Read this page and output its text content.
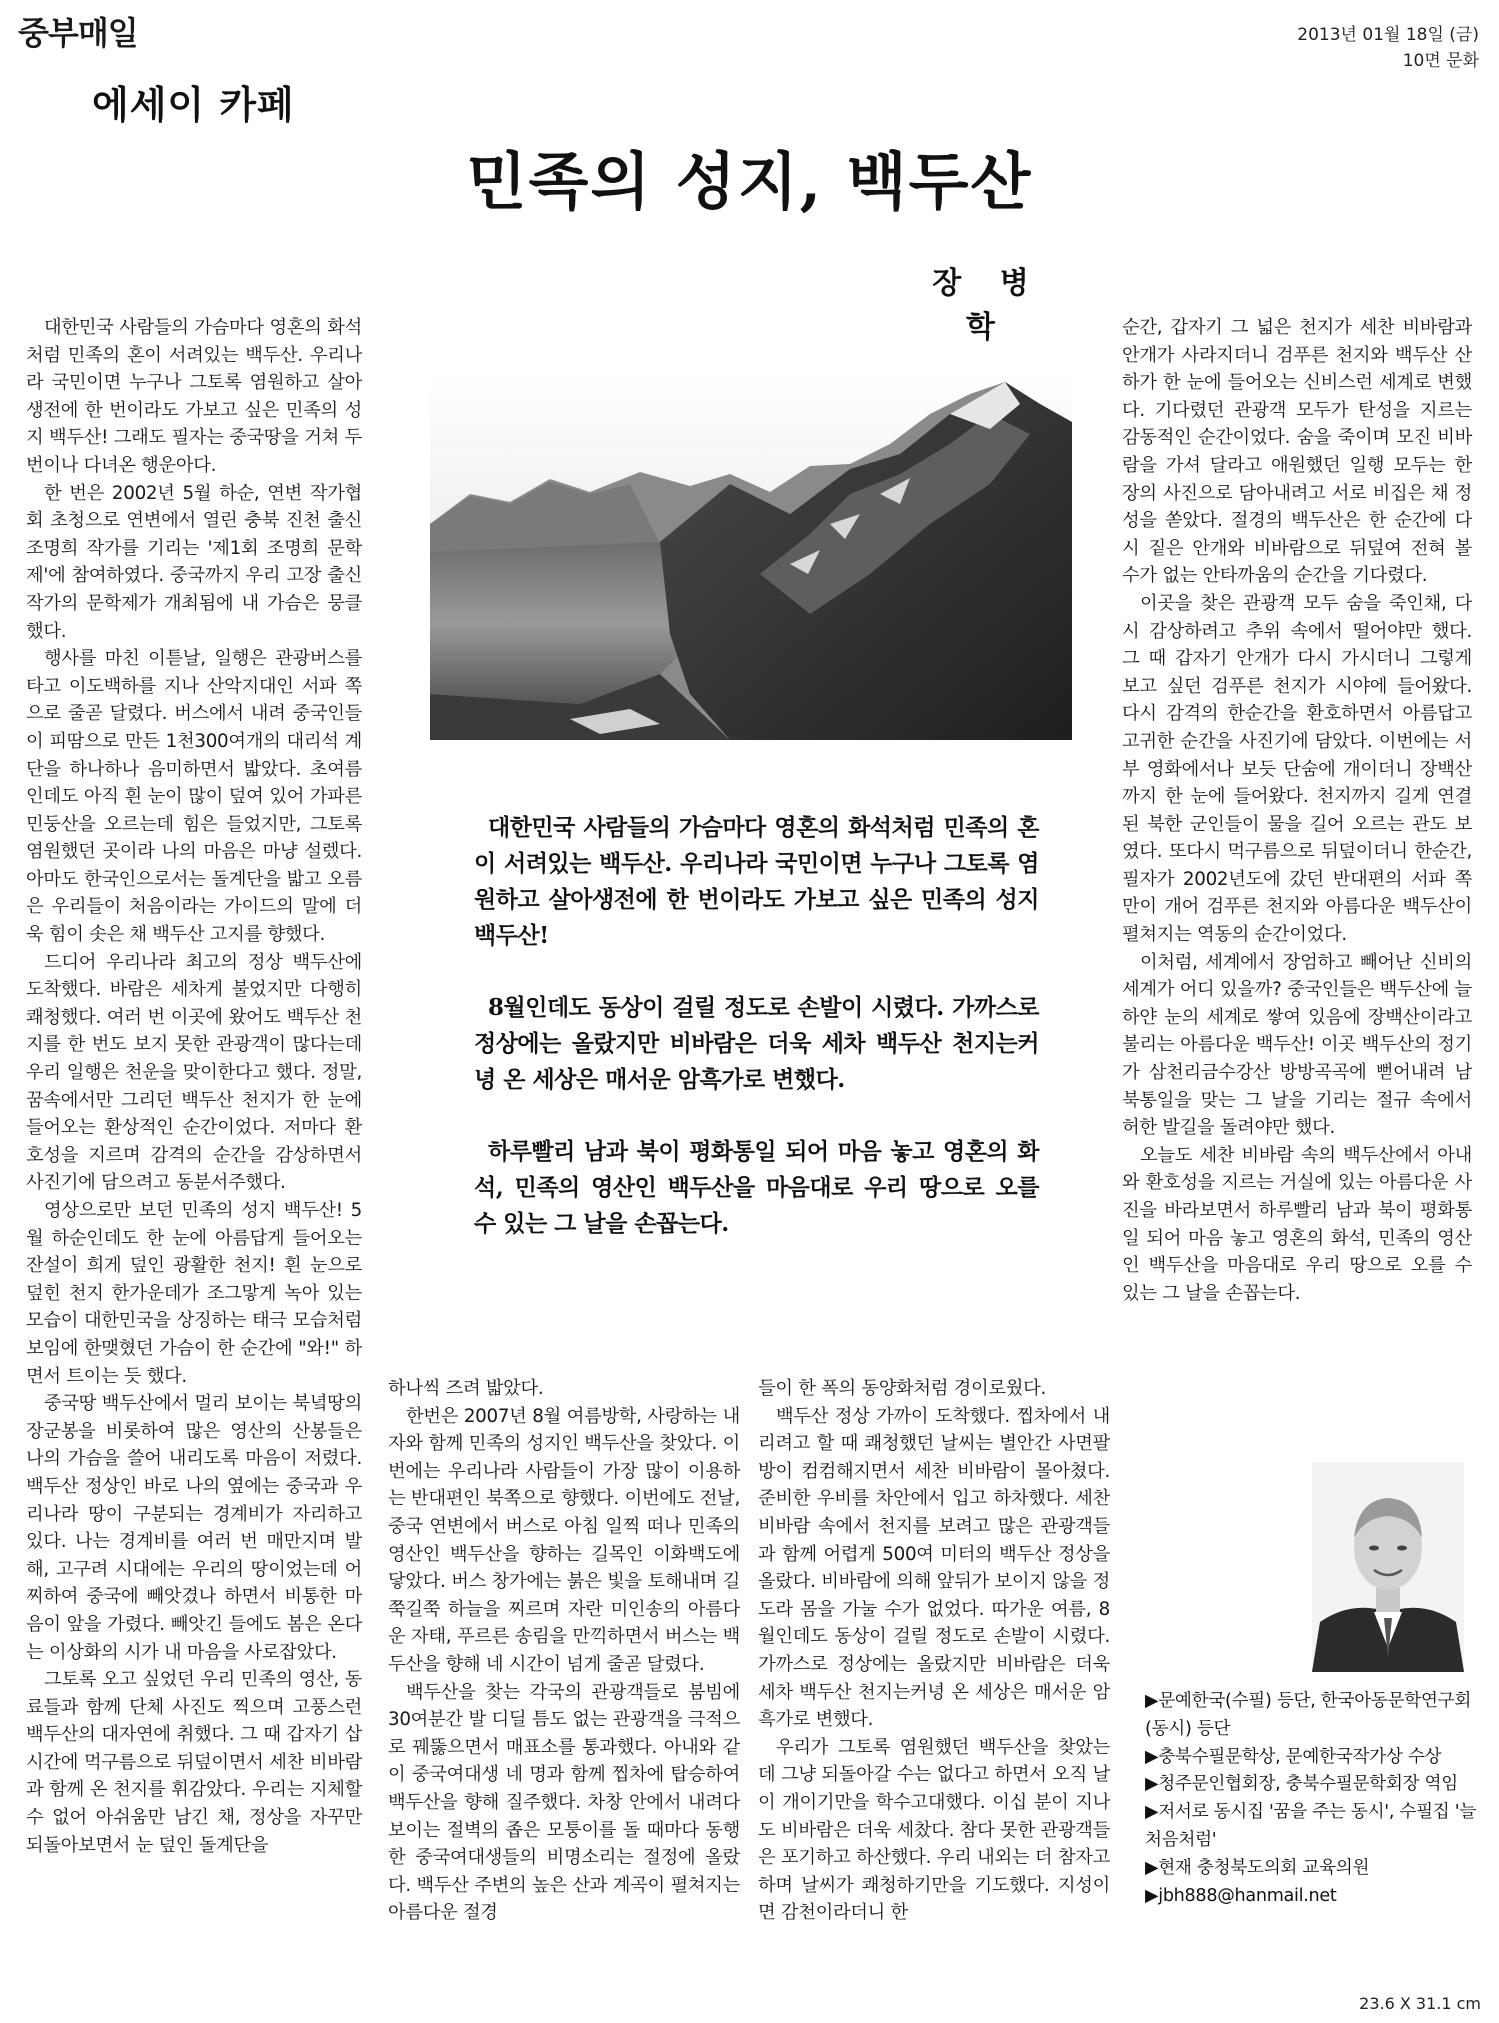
중부매일
에세이 카페
2013년 01월 18일 (금)
10면 문화
민족의 성지, 백두산
장 병 학

대한민국 사람들의 가슴마다 영혼의 화석처럼 민족의 혼이 서려있는 백두산. 우리나라 국민이면 누구나 그토록 염원하고 살아생전에 한 번이라도 가보고 싶은 민족의 성지 백두산! 그래도 필자는 중국땅을 거쳐 두 번이나 다녀온 행운아다.

한 번은 2002년 5월 하순, 연변 작가협회 초청으로 연변에서 열린 충북 진천 출신 조명희 작가를 기리는 '제1회 조명희 문학제'에 참여하였다. 중국까지 우리 고장 출신 작가의 문학제가 개최됨에 내 가슴은 뭉클했다.

행사를 마친 이튿날, 일행은 관광버스를 타고 이도백하를 지나 산악지대인 서파 쪽으로 줄곧 달렸다. 버스에서 내려 중국인들이 피땀으로 만든 1천300여개의 대리석 계단을 하나하나 음미하면서 밟았다. 초여름인데도 아직 흰 눈이 많이 덮여 있어 가파른 민둥산을 오르는데 힘은 들었지만, 그토록 염원했던 곳이라 나의 마음은 마냥 설렜다. 아마도 한국인으로서는 돌계단을 밟고 오름은 우리들이 처음이라는 가이드의 말에 더욱 힘이 솟은 채 백두산 고지를 향했다.

드디어 우리나라 최고의 정상 백두산에 도착했다. 바람은 세차게 불었지만 다행히 쾌청했다. 여러 번 이곳에 왔어도 백두산 천지를 한 번도 보지 못한 관광객이 많다는데 우리 일행은 천운을 맞이한다고 했다. 정말, 꿈속에서만 그리던 백두산 천지가 한 눈에 들어오는 환상적인 순간이었다. 저마다 환호성을 지르며 감격의 순간을 감상하면서 사진기에 담으려고 동분서주했다.

영상으로만 보던 민족의 성지 백두산! 5월 하순인데도 한 눈에 아름답게 들어오는 잔설이 희게 덮인 광활한 천지! 흰 눈으로 덮힌 천지 한가운데가 조그맣게 녹아 있는 모습이 대한민국을 상징하는 태극 모습처럼 보임에 한맺혔던 가슴이 한 순간에 "와!" 하면서 트이는 듯 했다.

중국땅 백두산에서 멀리 보이는 북녘땅의 장군봉을 비롯하여 많은 영산의 산봉들은 나의 가슴을 쓸어 내리도록 마음이 저렸다. 백두산 정상인 바로 나의 옆에는 중국과 우리나라 땅이 구분되는 경계비가 자리하고 있다. 나는 경계비를 여러 번 매만지며 발해, 고구려 시대에는 우리의 땅이었는데 어찌하여 중국에 빼앗겼나 하면서 비통한 마음이 앞을 가렸다. 빼앗긴 들에도 봄은 온다는 이상화의 시가 내 마음을 사로잡았다.

그토록 오고 싶었던 우리 민족의 영산, 동료들과 함께 단체 사진도 찍으며 고풍스런 백두산의 대자연에 취했다. 그 때 갑자기 삽시간에 먹구름으로 뒤덮이면서 세찬 비바람과 함께 온 천지를 휘감았다. 우리는 지체할 수 없어 아쉬움만 남긴 채, 정상을 자꾸만 되돌아보면서 눈 덮인 돌계단을

대한민국 사람들의 가슴마다 영혼의 화석처럼 민족의 혼이 서려있는 백두산. 우리나라 국민이면 누구나 그토록 염원하고 살아생전에 한 번이라도 가보고 싶은 민족의 성지 백두산!

8월인데도 동상이 걸릴 정도로 손발이 시렸다. 가까스로 정상에는 올랐지만 비바람은 더욱 세차 백두산 천지는커녕 온 세상은 매서운 암흑가로 변했다.

하루빨리 남과 북이 평화통일 되어 마음 놓고 영혼의 화석, 민족의 영산인 백두산을 마음대로 우리 땅으로 오를 수 있는 그 날을 손꼽는다.

하나씩 즈려 밟았다.

한번은 2007년 8월 여름방학, 사랑하는 내자와 함께 민족의 성지인 백두산을 찾았다. 이번에는 우리나라 사람들이 가장 많이 이용하는 반대편인 북쪽으로 향했다. 이번에도 전날, 중국 연변에서 버스로 아침 일찍 떠나 민족의 영산인 백두산을 향하는 길목인 이화백도에 닿았다. 버스 창가에는 붉은 빛을 토해내며 길쭉길쭉 하늘을 찌르며 자란 미인송의 아름다운 자태, 푸르른 송림을 만끽하면서 버스는 백두산을 향해 네 시간이 넘게 줄곧 달렸다.

백두산을 찾는 각국의 관광객들로 붐빔에 30여분간 발 디딜 틈도 없는 관광객을 극적으로 꿰뚫으면서 매표소를 통과했다. 아내와 같이 중국여대생 네 명과 함께 찝차에 탑승하여 백두산을 향해 질주했다. 차창 안에서 내려다보이는 절벽의 좁은 모퉁이를 돌 때마다 동행한 중국여대생들의 비명소리는 절정에 올랐다. 백두산 주변의 높은 산과 계곡이 펼쳐지는 아름다운 절경

들이 한 폭의 동양화처럼 경이로웠다.

백두산 정상 가까이 도착했다. 찝차에서 내리려고 할 때 쾌청했던 날씨는 별안간 사면팔방이 컴컴해지면서 세찬 비바람이 몰아쳤다. 준비한 우비를 차안에서 입고 하차했다. 세찬 비바람 속에서 천지를 보려고 많은 관광객들과 함께 어렵게 500여 미터의 백두산 정상을 올랐다. 비바람에 의해 앞뒤가 보이지 않을 정도라 몸을 가눌 수가 없었다. 따가운 여름, 8월인데도 동상이 걸릴 정도로 손발이 시렸다. 가까스로 정상에는 올랐지만 비바람은 더욱 세차 백두산 천지는커녕 온 세상은 매서운 암흑가로 변했다.

우리가 그토록 염원했던 백두산을 찾았는데 그냥 되돌아갈 수는 없다고 하면서 오직 날이 개이기만을 학수고대했다. 이십 분이 지나도 비바람은 더욱 세찼다. 참다 못한 관광객들은 포기하고 하산했다. 우리 내외는 더 참자고 하며 날씨가 쾌청하기만을 기도했다. 지성이면 감천이라더니 한

순간, 갑자기 그 넓은 천지가 세찬 비바람과 안개가 사라지더니 검푸른 천지와 백두산 산하가 한 눈에 들어오는 신비스런 세계로 변했다. 기다렸던 관광객 모두가 탄성을 지르는 감동적인 순간이었다. 숨을 죽이며 모진 비바람을 가셔 달라고 애원했던 일행 모두는 한 장의 사진으로 담아내려고 서로 비집은 채 정성을 쏟았다. 절경의 백두산은 한 순간에 다시 짙은 안개와 비바람으로 뒤덮여 전혀 볼 수가 없는 안타까움의 순간을 기다렸다.

이곳을 찾은 관광객 모두 숨을 죽인채, 다시 감상하려고 추위 속에서 떨어야만 했다. 그 때 갑자기 안개가 다시 가시더니 그렇게 보고 싶던 검푸른 천지가 시야에 들어왔다. 다시 감격의 한순간을 환호하면서 아름답고 고귀한 순간을 사진기에 담았다. 이번에는 서부 영화에서나 보듯 단숨에 개이더니 장백산까지 한 눈에 들어왔다. 천지까지 길게 연결된 북한 군인들이 물을 길어 오르는 관도 보였다. 또다시 먹구름으로 뒤덮이더니 한순간, 필자가 2002년도에 갔던 반대편의 서파 쪽만이 개어 검푸른 천지와 아름다운 백두산이 펼쳐지는 역동의 순간이었다.

이처럼, 세계에서 장엄하고 빼어난 신비의 세계가 어디 있을까? 중국인들은 백두산에 늘 하얀 눈의 세계로 쌓여 있음에 장백산이라고 불리는 아름다운 백두산! 이곳 백두산의 정기가 삼천리금수강산 방방곡곡에 뻗어내려 남북통일을 맞는 그 날을 기리는 절규 속에서 허한 발길을 돌려야만 했다.

오늘도 세찬 비바람 속의 백두산에서 아내와 환호성을 지르는 거실에 있는 아름다운 사진을 바라보면서 하루빨리 남과 북이 평화통일 되어 마음 놓고 영혼의 화석, 민족의 영산인 백두산을 마음대로 우리 땅으로 오를 수 있는 그 날을 손꼽는다.

▶문예한국(수필) 등단, 한국아동문학연구회(동시) 등단
▶충북수필문학상, 문예한국작가상 수상
▶청주문인협회장, 충북수필문학회장 역임
▶저서로 동시집 '꿈을 주는 동시', 수필집 '늘 처음처럼'
▶현재 충청북도의회 교육의원
▶jbh888@hanmail.net
23.6 X 31.1 cm
